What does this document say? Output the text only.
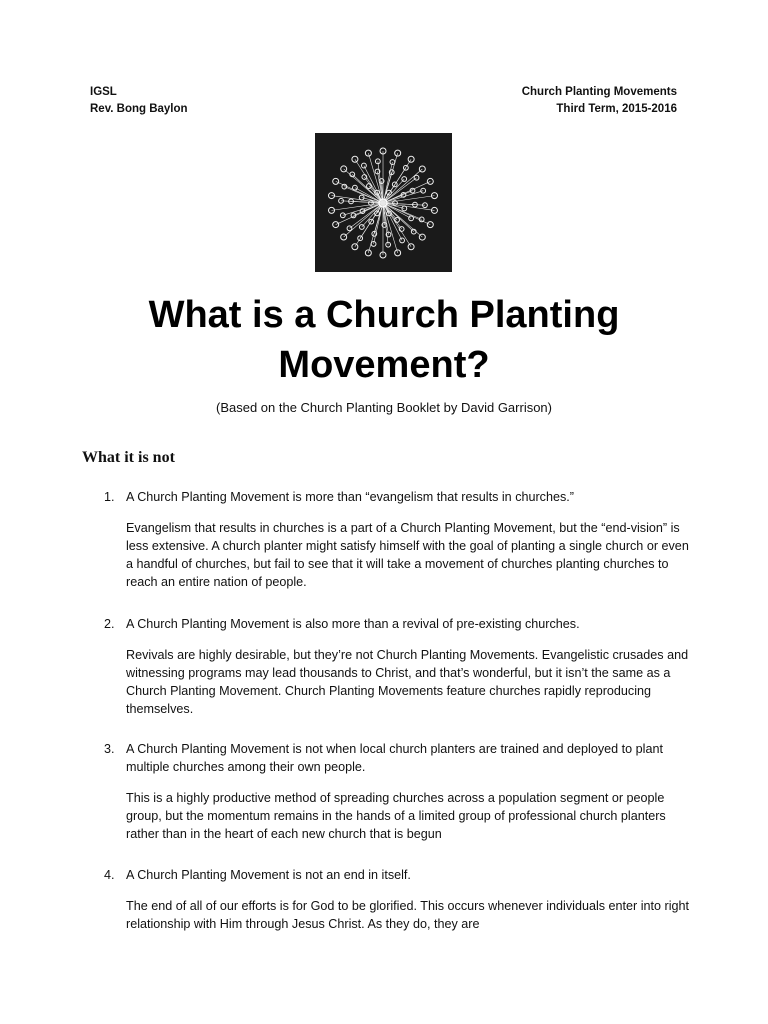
IGSL
Rev. Bong Baylon
Church Planting Movements
Third Term, 2015-2016
What is a Church Planting
Movement?
(Based on the Church Planting Booklet by David Garrison)
What it is not
1. A Church Planting Movement is more than “evangelism that results in churches.”
Evangelism that results in churches is a part of a Church Planting Movement, but the “end-vision” is less extensive. A church planter might satisfy himself with the goal of planting a single church or even a handful of churches, but fail to see that it will take a movement of churches planting churches to reach an entire nation of people.
2. A Church Planting Movement is also more than a revival of pre-existing churches.
Revivals are highly desirable, but they’re not Church Planting Movements. Evangelistic crusades and witnessing programs may lead thousands to Christ, and that’s wonderful, but it isn’t the same as a Church Planting Movement. Church Planting Movements feature churches rapidly reproducing themselves.
3. A Church Planting Movement is not when local church planters are trained and deployed to plant multiple churches among their own people.
This is a highly productive method of spreading churches across a population segment or people group, but the momentum remains in the hands of a limited group of professional church planters rather than in the heart of each new church that is begun
4. A Church Planting Movement is not an end in itself.
The end of all of our efforts is for God to be glorified. This occurs whenever individuals enter into right relationship with Him through Jesus Christ. As they do, they are
